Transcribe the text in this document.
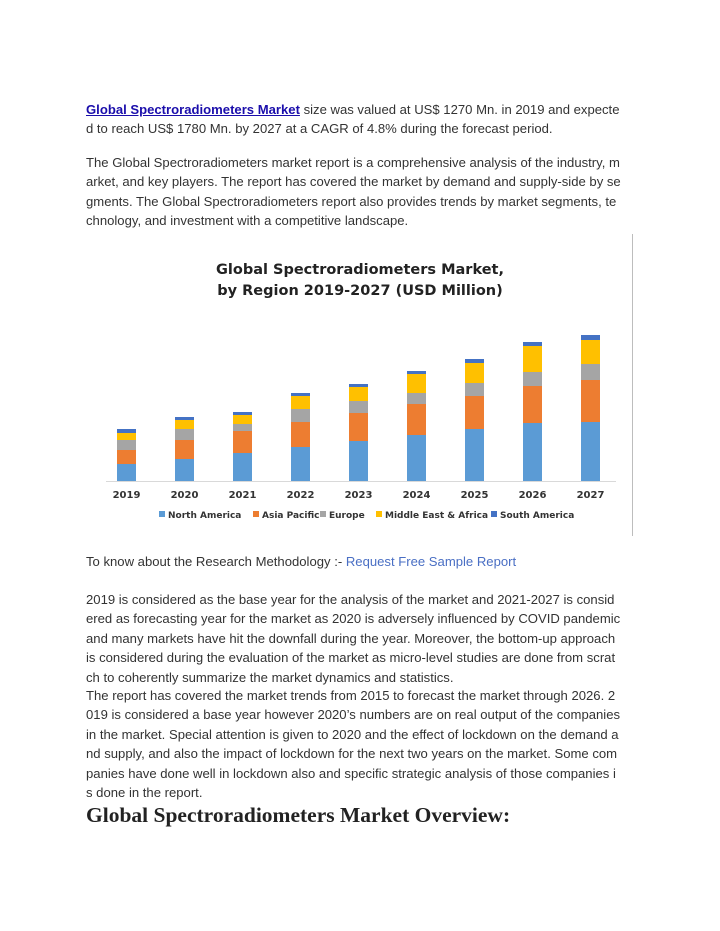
Global Spectroradiometers Market size was valued at US$ 1270 Mn. in 2019 and expecte
d to reach US$ 1780 Mn. by 2027 at a CAGR of 4.8% during the forecast period.
The Global Spectroradiometers market report is a comprehensive analysis of the industry, m
arket, and key players. The report has covered the market by demand and supply-side by se
gments. The Global Spectroradiometers report also provides trends by market segments, te
chnology, and investment with a competitive landscape.
Global Spectroradiometers Market,
by Region 2019-2027 (USD Million)
2019	2020	2021	2022	2023	2024	2025	2026	2027
North America Asia Pacific Europe Middle East & Africa South America
To know about the Research Methodology :- Request Free Sample Report
2019 is considered as the base year for the analysis of the market and 2021-2027 is consid
ered as forecasting year for the market as 2020 is adversely influenced by COVID pandemic
and many markets have hit the downfall during the year. Moreover, the bottom-up approach
is considered during the evaluation of the market as micro-level studies are done from scrat
ch to coherently summarize the market dynamics and statistics.
The report has covered the market trends from 2015 to forecast the market through 2026. 2
019 is considered a base year however 2020’s numbers are on real output of the companies
in the market. Special attention is given to 2020 and the effect of lockdown on the demand a
nd supply, and also the impact of lockdown for the next two years on the market. Some com
panies have done well in lockdown also and specific strategic analysis of those companies i
s done in the report.
Global Spectroradiometers Market Overview:
